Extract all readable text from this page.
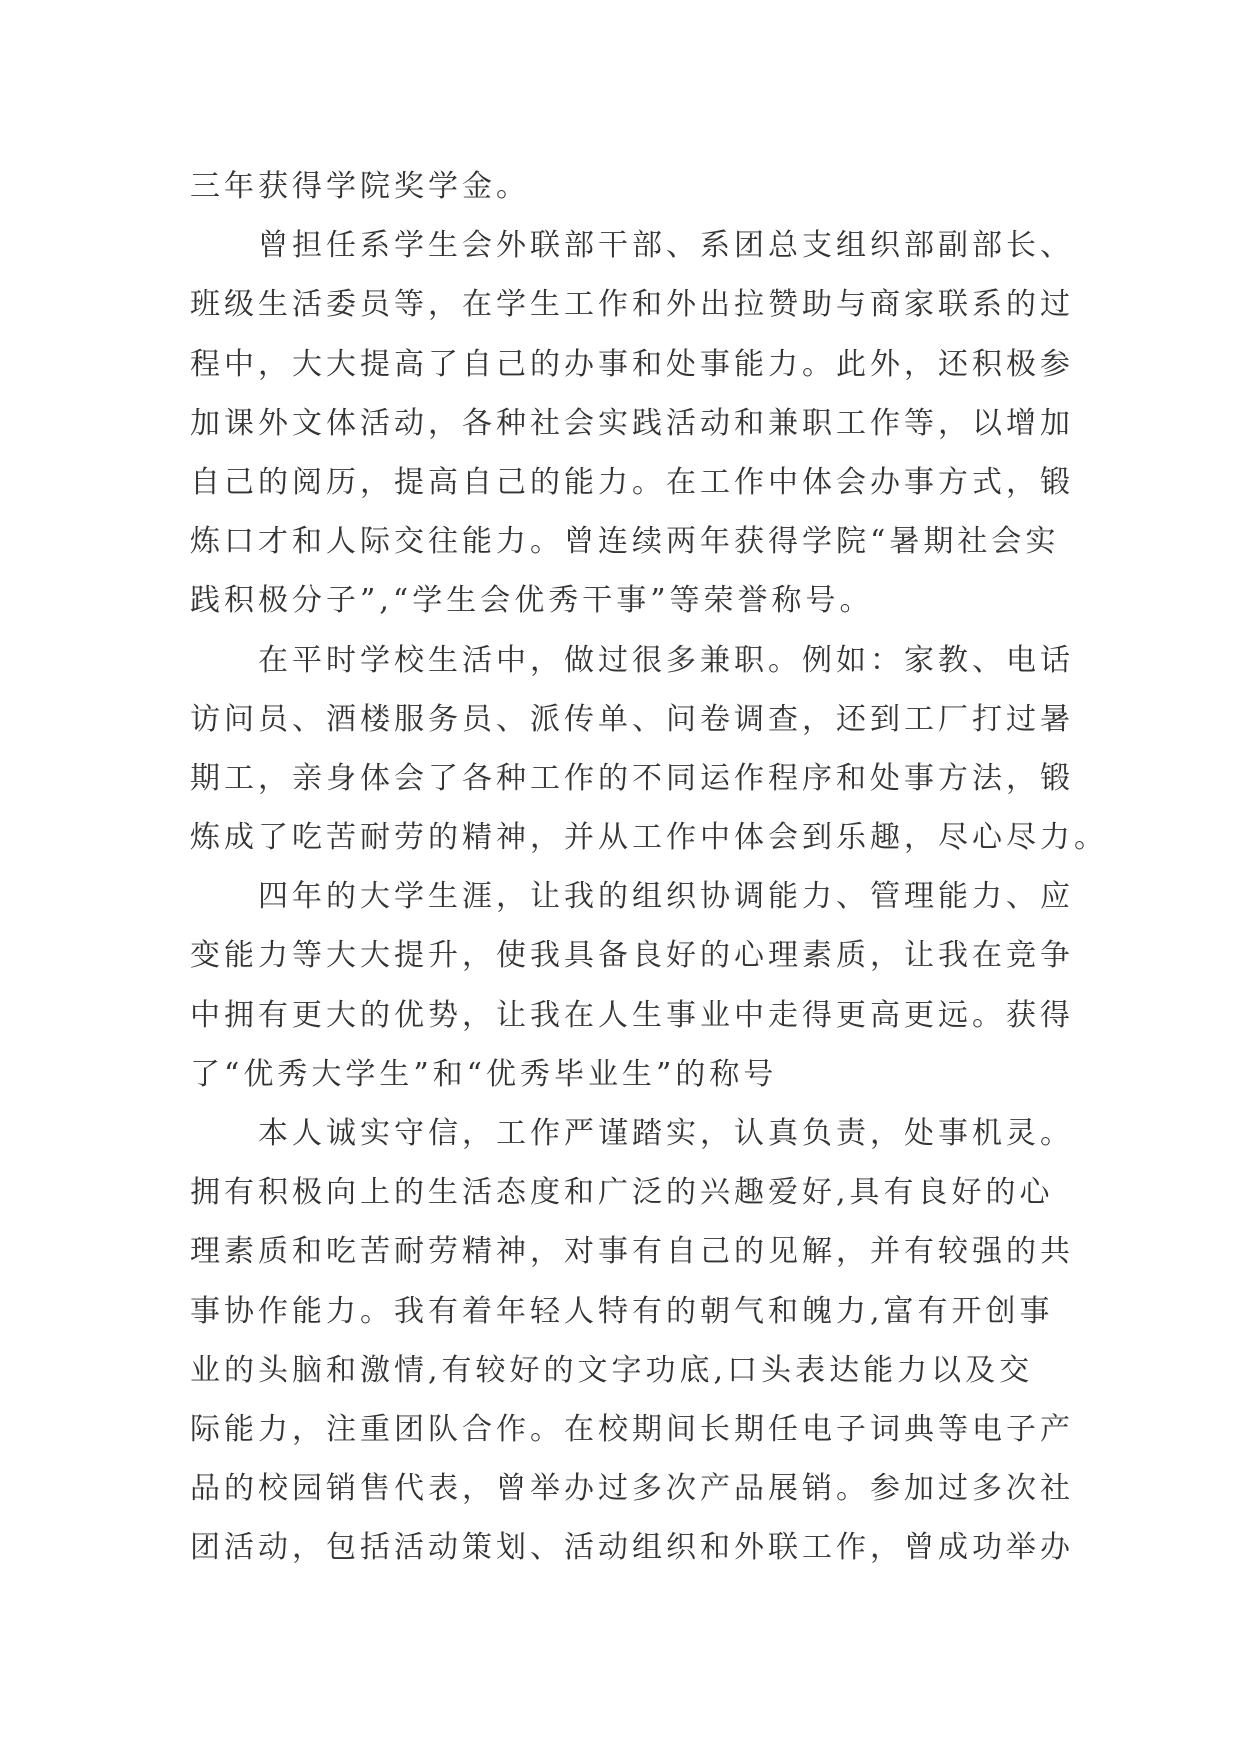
三年获得学院奖学金。
曾担任系学生会外联部干部、系团总支组织部副部长、
班级生活委员等，在学生工作和外出拉赞助与商家联系的过
程中，大大提高了自己的办事和处事能力。此外，还积极参
加课外文体活动，各种社会实践活动和兼职工作等，以增加
自己的阅历，提高自己的能力。在工作中体会办事方式，锻
炼口才和人际交往能力。曾连续两年获得学院“暑期社会实
践积极分子”,“学生会优秀干事”等荣誉称号。
在平时学校生活中，做过很多兼职。例如：家教、电话
访问员、酒楼服务员、派传单、问卷调查，还到工厂打过暑
期工，亲身体会了各种工作的不同运作程序和处事方法，锻
炼成了吃苦耐劳的精神，并从工作中体会到乐趣，尽心尽力。
四年的大学生涯，让我的组织协调能力、管理能力、应
变能力等大大提升，使我具备良好的心理素质，让我在竞争
中拥有更大的优势，让我在人生事业中走得更高更远。获得
了“优秀大学生”和“优秀毕业生”的称号
本人诚实守信，工作严谨踏实，认真负责，处事机灵。
拥有积极向上的生活态度和广泛的兴趣爱好,具有良好的心
理素质和吃苦耐劳精神，对事有自己的见解，并有较强的共
事协作能力。我有着年轻人特有的朝气和魄力,富有开创事
业的头脑和激情,有较好的文字功底,口头表达能力以及交
际能力，注重团队合作。在校期间长期任电子词典等电子产
品的校园销售代表，曾举办过多次产品展销。参加过多次社
团活动，包括活动策划、活动组织和外联工作，曾成功举办
